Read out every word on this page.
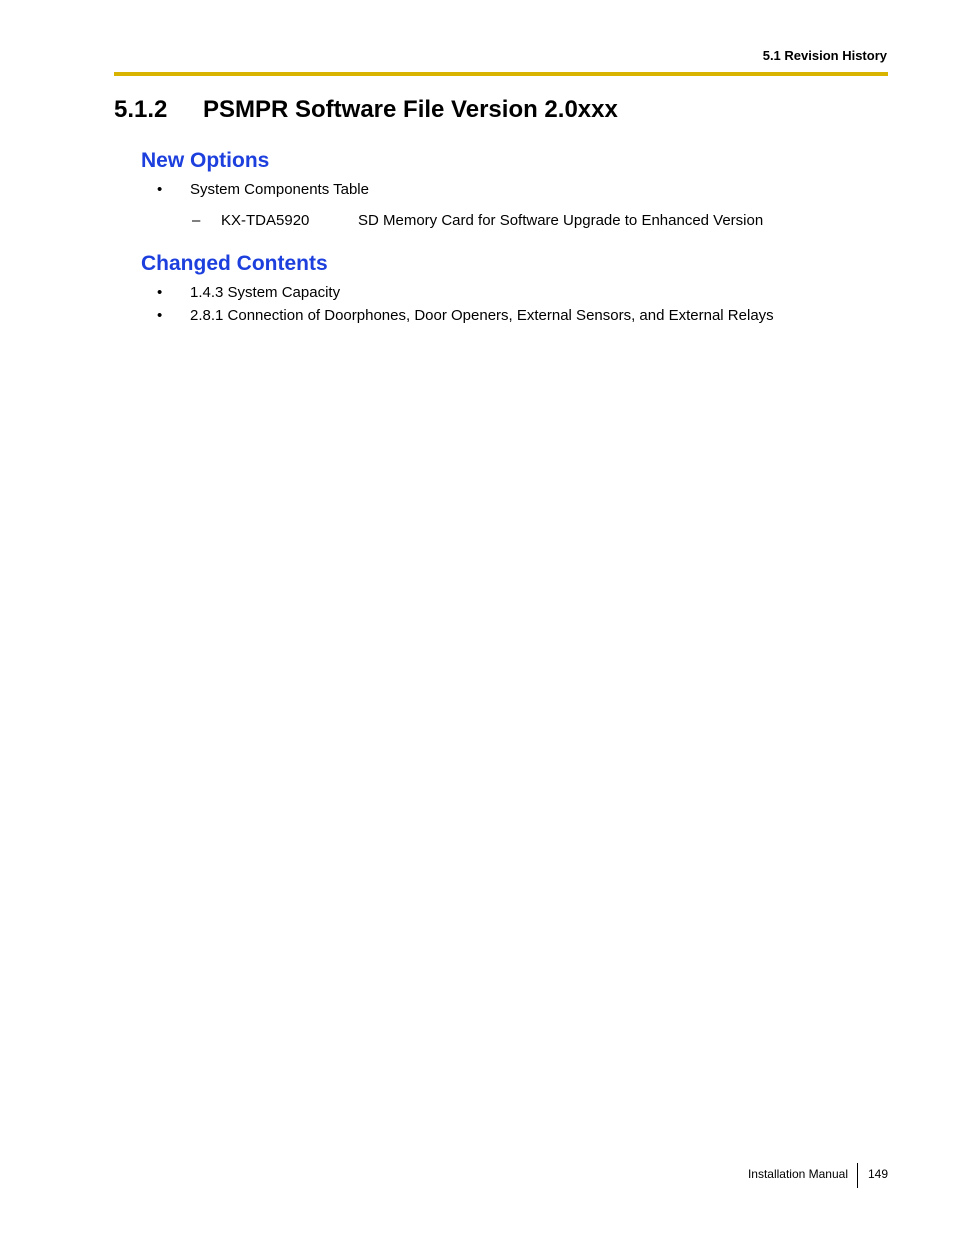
5.1 Revision History
5.1.2 PSMPR Software File Version 2.0xxx
New Options
• System Components Table
– KX-TDA5920	SD Memory Card for Software Upgrade to Enhanced Version
Changed Contents
• 1.4.3 System Capacity
• 2.8.1 Connection of Doorphones, Door Openers, External Sensors, and External Relays
Installation Manual 149
